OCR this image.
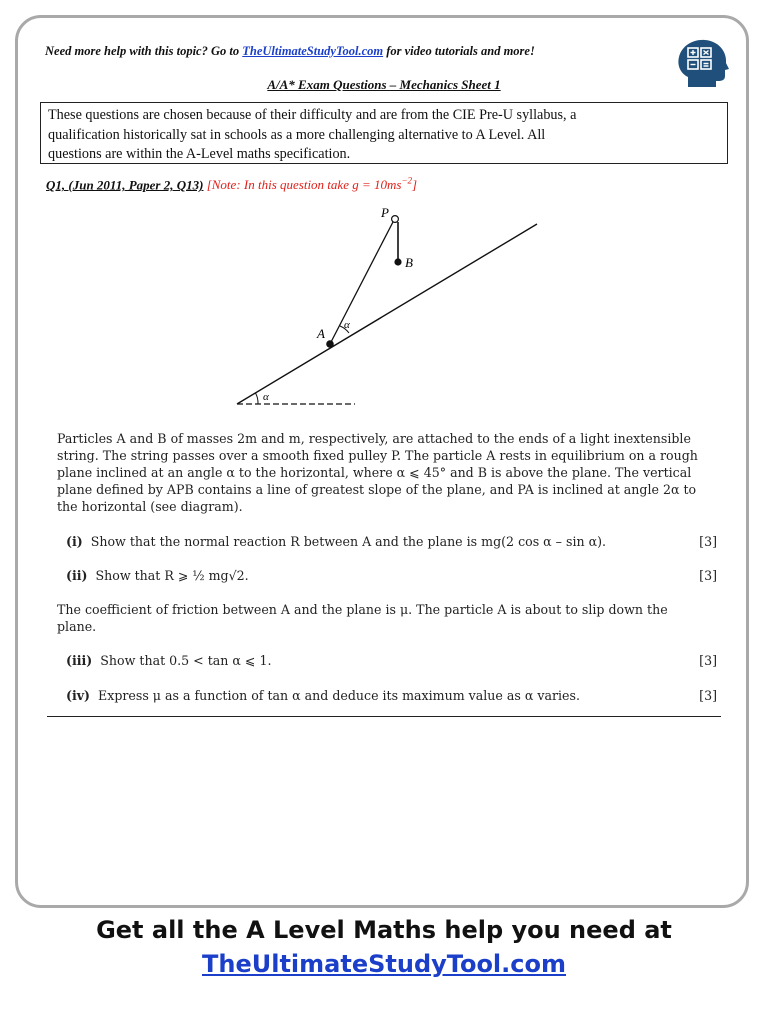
Need more help with this topic? Go to TheUltimateStudyTool.com for video tutorials and more!
A/A* Exam Questions – Mechanics Sheet 1
These questions are chosen because of their difficulty and are from the CIE Pre-U syllabus, a
qualification historically sat in schools as a more challenging alternative to A Level. All
questions are within the A-Level maths specification.
Q1, (Jun 2011, Paper 2, Q13) [Note: In this question take $g = 10ms^{-2}$]
P
B
A
α
α
Particles A and B of masses 2m and m, respectively, are attached to the ends of a light inextensible
string. The string passes over a smooth fixed pulley P. The particle A rests in equilibrium on a rough
plane inclined at an angle α to the horizontal, where α ⩽ 45° and B is above the plane. The vertical
plane defined by APB contains a line of greatest slope of the plane, and PA is inclined at angle 2α to
the horizontal (see diagram).
(i) Show that the normal reaction R between A and the plane is mg(2 cos α – sin α).	[3]
(ii) Show that R ⩾ ½ mg√2.	[3]
The coefficient of friction between A and the plane is μ. The particle A is about to slip down the
plane.
(iii) Show that 0.5 < tan α ⩽ 1.	[3]
(iv) Express μ as a function of tan α and deduce its maximum value as α varies.	[3]
Get all the A Level Maths help you need at
TheUltimateStudyTool.com
